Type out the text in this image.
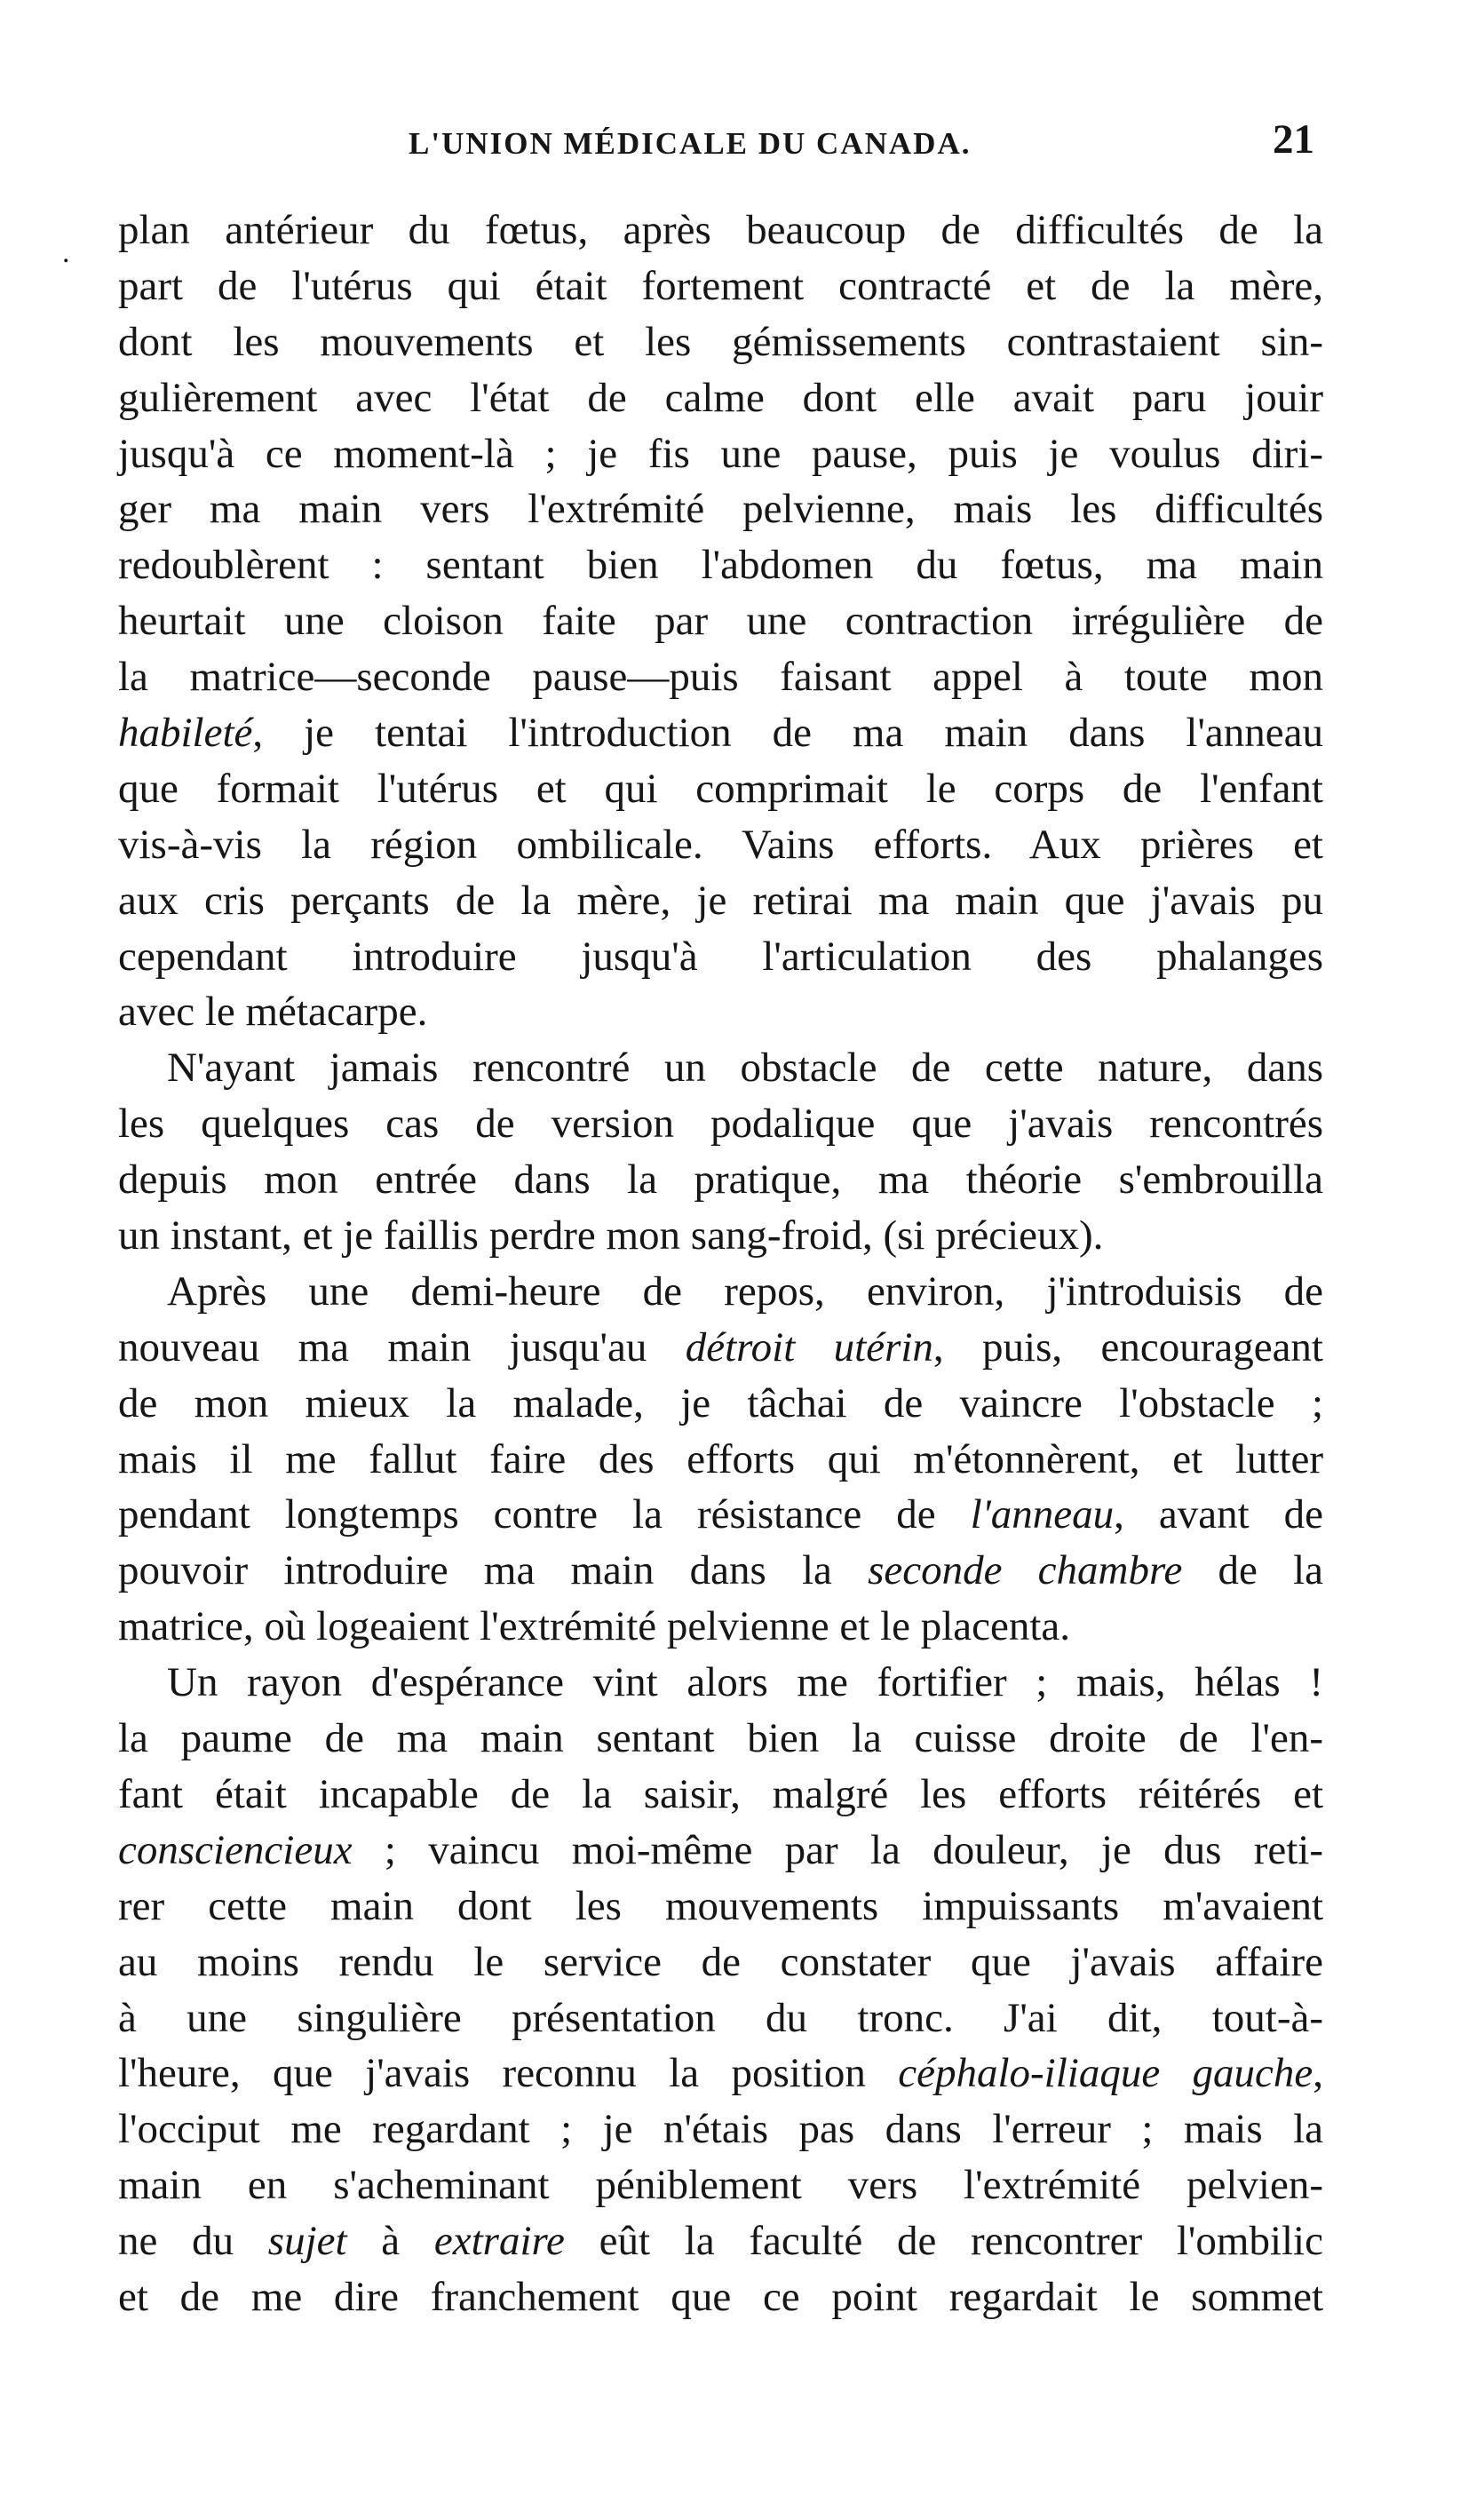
L'UNION MÉDICALE DU CANADA.	21
. plan antérieur du fœtus, après beaucoup de difficultés de la
part de l'utérus qui était fortement contracté et de la mère,
dont les mouvements et les gémissements contrastaient sin-
gulièrement avec l'état de calme dont elle avait paru jouir
jusqu'à ce moment-là ; je fis une pause, puis je voulus diri-
ger ma main vers l'extrémité pelvienne, mais les difficultés
redoublèrent : sentant bien l'abdomen du fœtus, ma main
heurtait une cloison faite par une contraction irrégulière de
la matrice—seconde pause—puis faisant appel à toute mon
habileté, je tentai l'introduction de ma main dans l'anneau
que formait l'utérus et qui comprimait le corps de l'enfant
vis-à-vis la région ombilicale. Vains efforts. Aux prières et
aux cris perçants de la mère, je retirai ma main que j'avais pu
cependant introduire jusqu'à l'articulation des phalanges
avec le métacarpe.
N'ayant jamais rencontré un obstacle de cette nature, dans
les quelques cas de version podalique que j'avais rencontrés
depuis mon entrée dans la pratique, ma théorie s'embrouilla
un instant, et je faillis perdre mon sang-froid, (si précieux).
Après une demi-heure de repos, environ, j'introduisis de
nouveau ma main jusqu'au détroit utérin, puis, encourageant
de mon mieux la malade, je tâchai de vaincre l'obstacle ;
mais il me fallut faire des efforts qui m'étonnèrent, et lutter
pendant longtemps contre la résistance de l'anneau, avant de
pouvoir introduire ma main dans la seconde chambre de la
matrice, où logeaient l'extrémité pelvienne et le placenta.
Un rayon d'espérance vint alors me fortifier ; mais, hélas !
la paume de ma main sentant bien la cuisse droite de l'en-
fant était incapable de la saisir, malgré les efforts réitérés et
consciencieux ; vaincu moi-même par la douleur, je dus reti-
rer cette main dont les mouvements impuissants m'avaient
au moins rendu le service de constater que j'avais affaire
à une singulière présentation du tronc. J'ai dit, tout-à-
l'heure, que j'avais reconnu la position céphalo-iliaque gauche,
l'occiput me regardant ; je n'étais pas dans l'erreur ; mais la
main en s'acheminant péniblement vers l'extrémité pelvien-
ne du sujet à extraire eût la faculté de rencontrer l'ombilic
et de me dire franchement que ce point regardait le sommet
